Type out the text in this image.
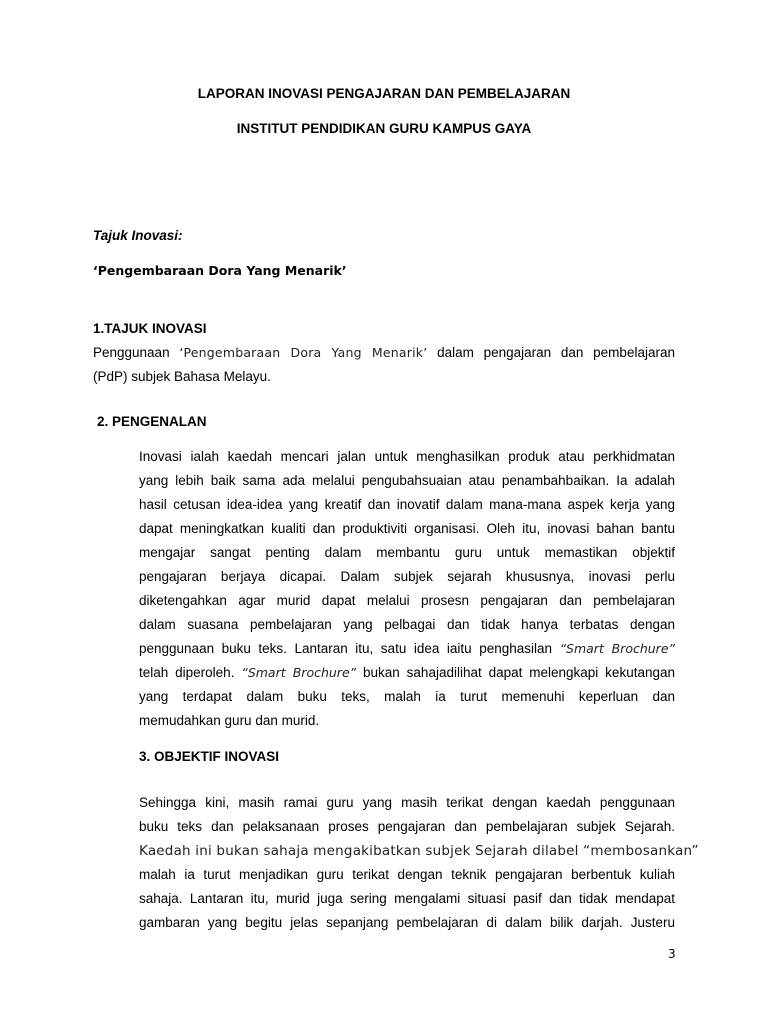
LAPORAN INOVASI PENGAJARAN DAN PEMBELAJARAN
INSTITUT PENDIDIKAN GURU KAMPUS GAYA
Tajuk Inovasi:
‘Pengembaraan Dora Yang Menarik’
1.TAJUK INOVASI
Penggunaan ‘Pengembaraan Dora Yang Menarik’ dalam pengajaran dan pembelajaran
(PdP) subjek Bahasa Melayu.
2. PENGENALAN
Inovasi ialah kaedah mencari jalan untuk menghasilkan produk atau perkhidmatan
yang lebih baik sama ada melalui pengubahsuaian atau penambahbaikan. Ia adalah
hasil cetusan idea-idea yang kreatif dan inovatif dalam mana-mana aspek kerja yang
dapat meningkatkan kualiti dan produktiviti organisasi. Oleh itu, inovasi bahan bantu
mengajar sangat penting dalam membantu guru untuk memastikan objektif
pengajaran berjaya dicapai. Dalam subjek sejarah khususnya, inovasi perlu
diketengahkan agar murid dapat melalui prosesn pengajaran dan pembelajaran
dalam suasana pembelajaran yang pelbagai dan tidak hanya terbatas dengan
penggunaan buku teks. Lantaran itu, satu idea iaitu penghasilan “Smart Brochure”
telah diperoleh. “Smart Brochure” bukan sahajadilihat dapat melengkapi kekutangan
yang terdapat dalam buku teks, malah ia turut memenuhi keperluan dan
memudahkan guru dan murid.
3. OBJEKTIF INOVASI
Sehingga kini, masih ramai guru yang masih terikat dengan kaedah penggunaan
buku teks dan pelaksanaan proses pengajaran dan pembelajaran subjek Sejarah.
Kaedah ini bukan sahaja mengakibatkan subjek Sejarah dilabel “membosankan”
malah ia turut menjadikan guru terikat dengan teknik pengajaran berbentuk kuliah
sahaja. Lantaran itu, murid juga sering mengalami situasi pasif dan tidak mendapat
gambaran yang begitu jelas sepanjang pembelajaran di dalam bilik darjah. Justeru
3
